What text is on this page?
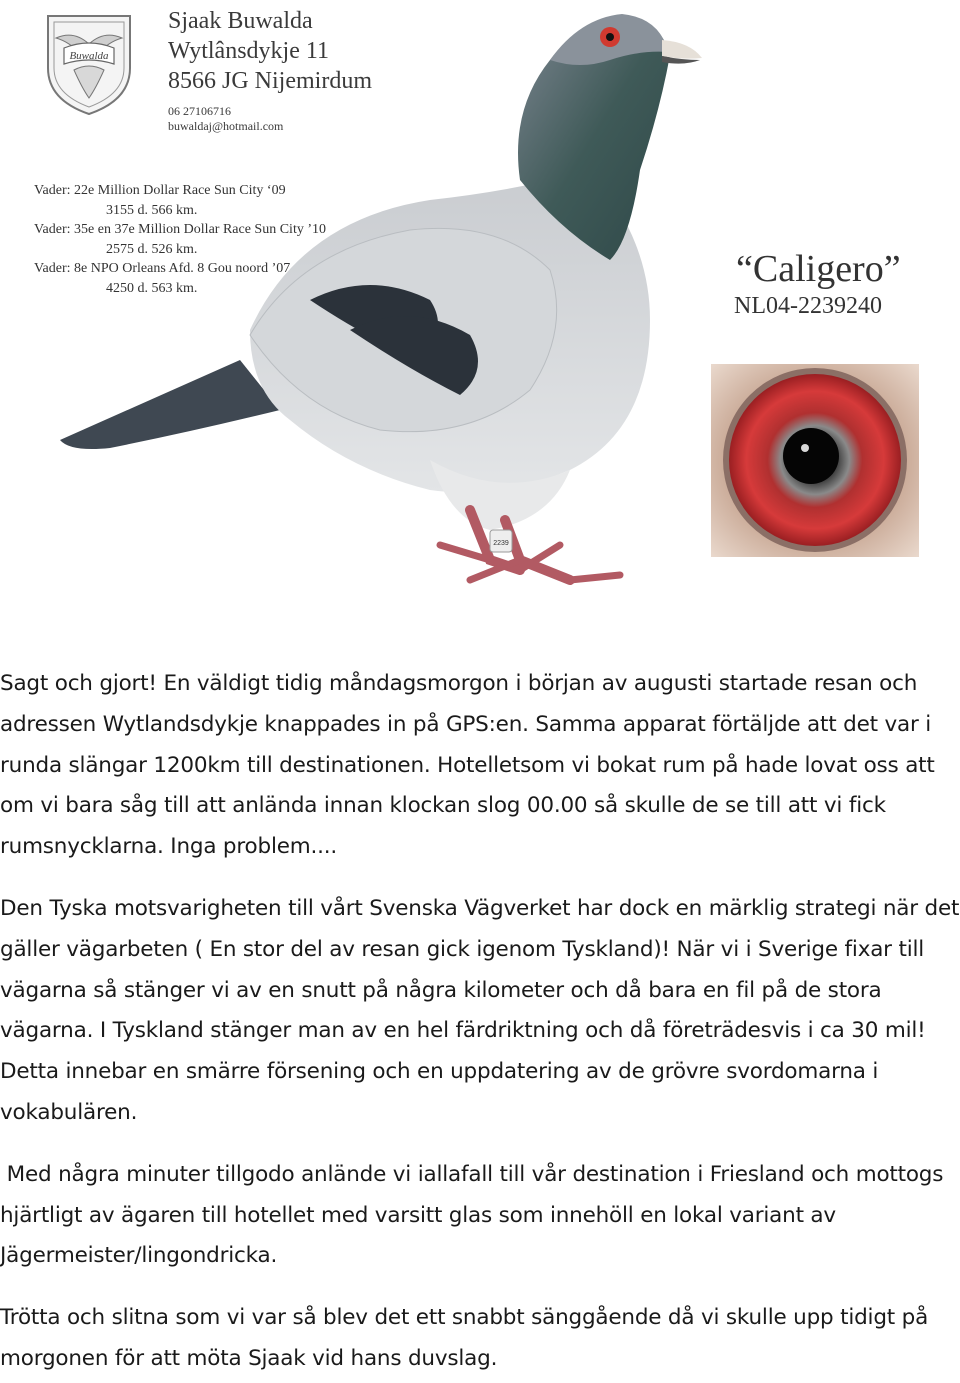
Buwalda
Sjaak Buwalda
Wytlânsdykje 11
8566 JG Nijemirdum
06 27106716
buwaldaj@hotmail.com
Vader: 22e Million Dollar Race Sun City ‘09
3155 d. 566 km.
Vader: 35e en 37e Million Dollar Race Sun City ’10
2575 d. 526 km.
Vader: 8e NPO Orleans Afd. 8 Gou noord ’07
4250 d. 563 km.
2239
“Caligero”
NL04-2239240

Sagt och gjort! En väldigt tidig måndagsmorgon i början av augusti startade resan och adressen Wytlandsdykje knappades in på GPS:en. Samma apparat förtäljde att det var i runda slängar 1200km till destinationen. Hotelletsom vi bokat rum på hade lovat oss att om vi bara såg till att anlända innan klockan slog 00.00 så skulle de se till att vi fick rumsnycklarna. Inga problem....

Den Tyska motsvarigheten till vårt Svenska Vägverket har dock en märklig strategi när det gäller vägarbeten ( En stor del av resan gick igenom Tyskland)! När vi i Sverige fixar till vägarna så stänger vi av en snutt på några kilometer och då bara en fil på de stora vägarna. I Tyskland stänger man av en hel färdriktning och då företrädesvis i ca 30 mil! Detta innebar en smärre försening och en uppdatering av de grövre svordomarna i vokabulären.

Med några minuter tillgodo anlände vi iallafall till vår destination i Friesland och mottogs hjärtligt av ägaren till hotellet med varsitt glas som innehöll en lokal variant av Jägermeister/lingondricka.

Trötta och slitna som vi var så blev det ett snabbt sänggående då vi skulle upp tidigt på morgonen för att möta Sjaak vid hans duvslag.
